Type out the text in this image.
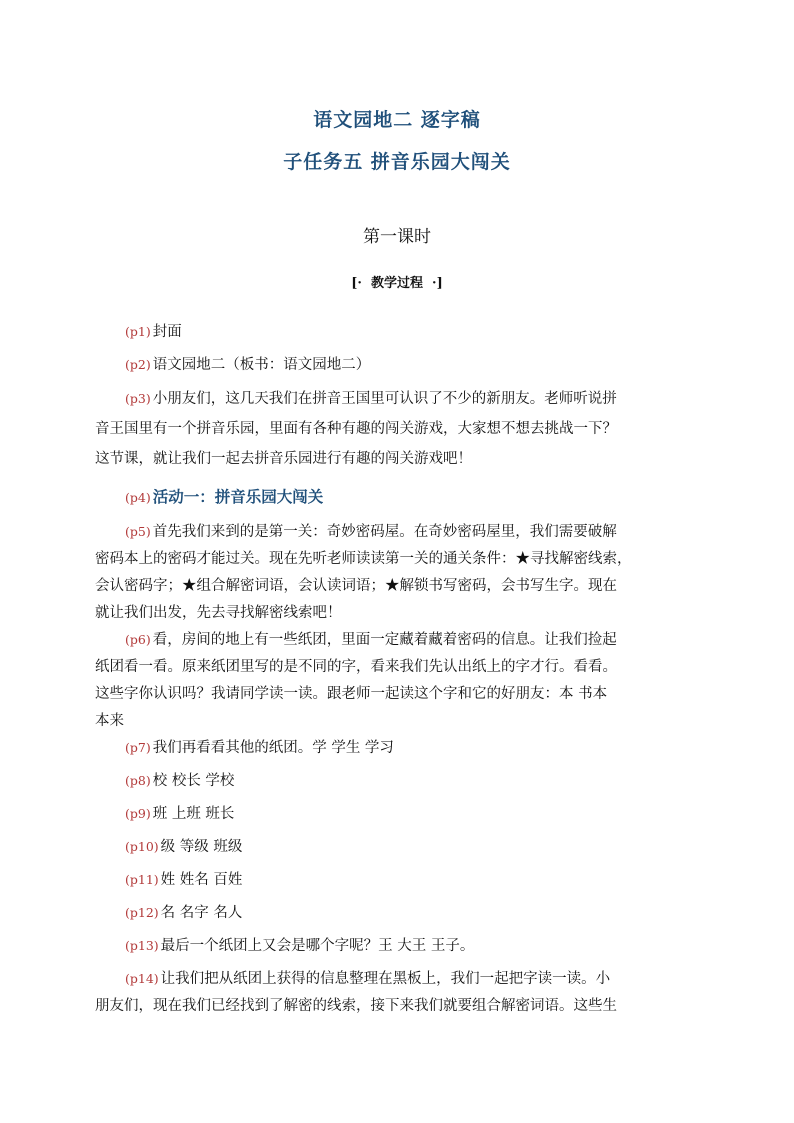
语文园地二 逐字稿
子任务五 拼音乐园大闯关
第一课时
[·  教学过程  ·]
(p1) 封面
(p2) 语文园地二（板书：语文园地二）
(p3) 小朋友们，这几天我们在拼音王国里可认识了不少的新朋友。老师听说拼
音王国里有一个拼音乐园，里面有各种有趣的闯关游戏，大家想不想去挑战一下？
这节课，就让我们一起去拼音乐园进行有趣的闯关游戏吧！
(p4) 活动一：拼音乐园大闯关
(p5) 首先我们来到的是第一关：奇妙密码屋。在奇妙密码屋里，我们需要破解
密码本上的密码才能过关。现在先听老师读读第一关的通关条件：★寻找解密线索，
会认密码字；★组合解密词语，会认读词语；★解锁书写密码，会书写生字。现在
就让我们出发，先去寻找解密线索吧！
(p6) 看，房间的地上有一些纸团，里面一定藏着藏着密码的信息。让我们捡起
纸团看一看。原来纸团里写的是不同的字，看来我们先认出纸上的字才行。看看。
这些字你认识吗？我请同学读一读。跟老师一起读这个字和它的好朋友：本 书本
本来
(p7) 我们再看看其他的纸团。学 学生 学习
(p8) 校 校长 学校
(p9) 班 上班 班长
(p10) 级 等级 班级
(p11) 姓 姓名 百姓
(p12) 名 名字 名人
(p13) 最后一个纸团上又会是哪个字呢？王 大王 王子。
(p14) 让我们把从纸团上获得的信息整理在黑板上，我们一起把字读一读。小
朋友们，现在我们已经找到了解密的线索，接下来我们就要组合解密词语。这些生
